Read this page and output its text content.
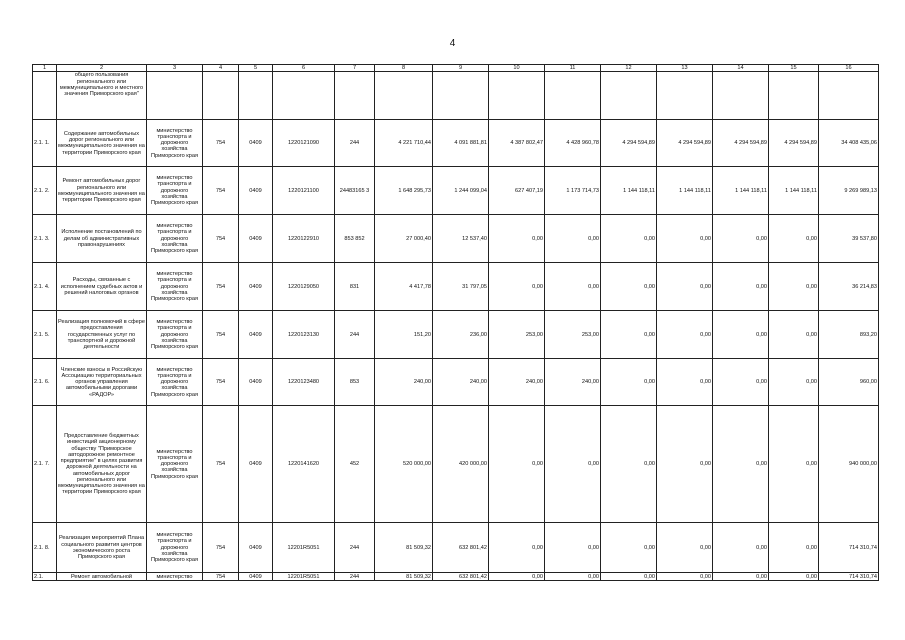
4
1	2	3	4	5	6	7	8	9	10	11	12	13	14	15	16
	общего пользования регионального или межмуниципального и местного значения Приморского края"														
2.1. 1.	Содержание автомобильных дорог регионального или межмуниципального значения на территории Приморского края	министерство транспорта и дорожного хозяйства Приморского края	754	0409	1220121090	244	4 221 710,44	4 091 881,81	4 387 802,47	4 428 960,78	4 294 594,89	4 294 594,89	4 294 594,89	4 294 594,89	34 408 435,06
2.1. 2.	Ремонт автомобильных дорог регионального или межмуниципального значения на территории Приморского края	министерство транспорта и дорожного хозяйства Приморского края	754	0409	1220121100	24483165 3	1 648 295,73	1 244 099,04	627 407,19	1 173 714,73	1 144 118,11	1 144 118,11	1 144 118,11	1 144 118,11	9 269 989,13
2.1. 3.	Исполнение постановлений по делам об административных правонарушениях	министерство транспорта и дорожного хозяйства Приморского края	754	0409	1220122910	853 852	27 000,40	12 537,40	0,00	0,00	0,00	0,00	0,00	0,00	39 537,80
2.1. 4.	Расходы, связанные с исполнением судебных актов и решений налоговых органов	министерство транспорта и дорожного хозяйства Приморского края	754	0409	1220129050	831	4 417,78	31 797,05	0,00	0,00	0,00	0,00	0,00	0,00	36 214,83
2.1. 5.	Реализация полномочий в сфере предоставления государственных услуг по транспортной и дорожной деятельности	министерство транспорта и дорожного хозяйства Приморского края	754	0409	1220123130	244	151,20	236,00	253,00	253,00	0,00	0,00	0,00	0,00	893,20
2.1. 6.	Членские взносы в Российскую Ассоциацию территориальных органов управления автомобильными дорогами «РАДОР»	министерство транспорта и дорожного хозяйства Приморского края	754	0409	1220123480	853	240,00	240,00	240,00	240,00	0,00	0,00	0,00	0,00	960,00
2.1. 7.	Предоставление бюджетных инвестиций акционерному обществу "Приморское автодорожное ремонтное предприятие" в целях развития дорожной деятельности на автомобильных дорог регионального или межмуниципального значения на территории Приморского края	министерство транспорта и дорожного хозяйства Приморского края	754	0409	1220141620	452	520 000,00	420 000,00	0,00	0,00	0,00	0,00	0,00	0,00	940 000,00
2.1. 8.	Реализация мероприятий Плана социального развития центров экономического роста Приморского края	министерство транспорта и дорожного хозяйства Приморского края	754	0409	12201R5051	244	81 509,32	632 801,42	0,00	0,00	0,00	0,00	0,00	0,00	714 310,74
2.1.	Ремонт автомобильной	министерство	754	0409	12201R5051	244	81 509,32	632 801,42	0,00	0,00	0,00	0,00	0,00	0,00	714 310,74
